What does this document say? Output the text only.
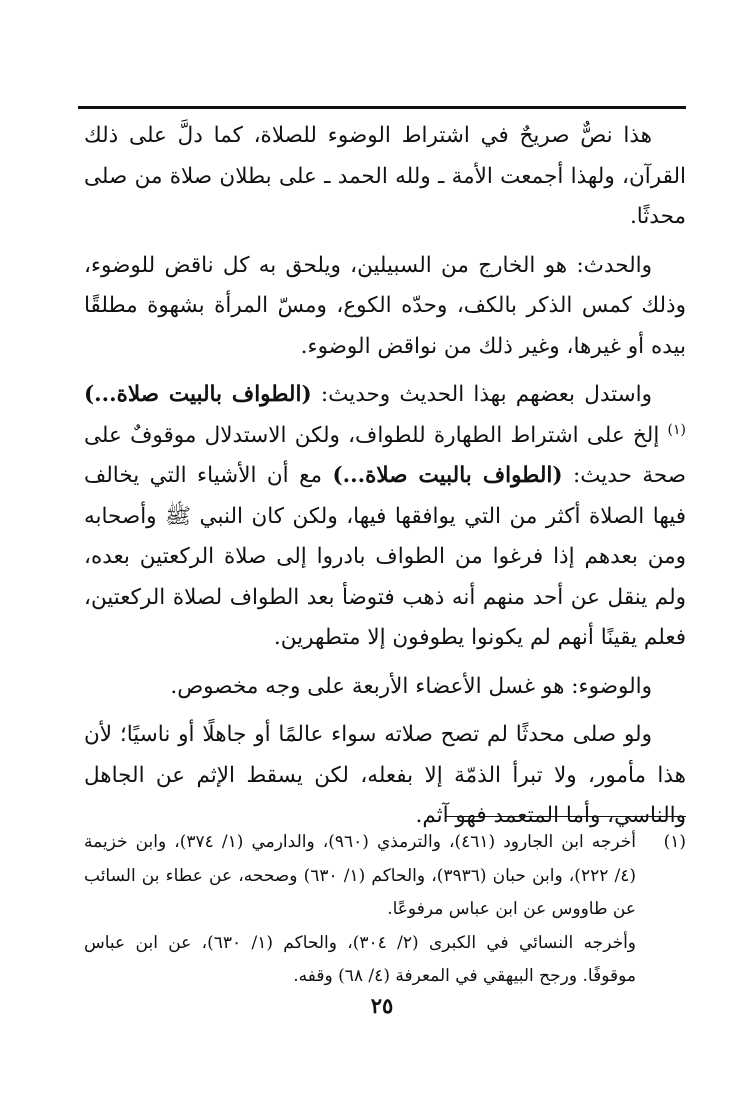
هذا نصٌّ صريحٌ في اشتراط الوضوء للصلاة، كما دلَّ على ذلك القرآن، ولهذا أجمعت الأمة ـ ولله الحمد ـ على بطلان صلاة من صلى محدثًا.

والحدث: هو الخارج من السبيلين، ويلحق به كل ناقض للوضوء، وذلك كمس الذكر بالكف، وحدّه الكوع، ومسّ المرأة بشهوة مطلقًا بيده أو غيرها، وغير ذلك من نواقض الوضوء.

واستدل بعضهم بهذا الحديث وحديث: (الطواف بالبيت صلاة...) $^{(١)}$ إلخ على اشتراط الطهارة للطواف، ولكن الاستدلال موقوفٌ على صحة حديث: (الطواف بالبيت صلاة...) مع أن الأشياء التي يخالف فيها الصلاة أكثر من التي يوافقها فيها، ولكن كان النبي ﷺ وأصحابه ومن بعدهم إذا فرغوا من الطواف بادروا إلى صلاة الركعتين بعده، ولم ينقل عن أحد منهم أنه ذهب فتوضأ بعد الطواف لصلاة الركعتين، فعلم يقينًا أنهم لم يكونوا يطوفون إلا متطهرين.

والوضوء: هو غسل الأعضاء الأربعة على وجه مخصوص.

ولو صلى محدثًا لم تصح صلاته سواء عالمًا أو جاهلًا أو ناسيًا؛ لأن هذا مأمور، ولا تبرأ الذمّة إلا بفعله، لكن يسقط الإثم عن الجاهل والناسي، وأما المتعمد فهو آثم.

(١)
أخرجه ابن الجارود (٤٦١)، والترمذي (٩٦٠)، والدارمي (١/ ٣٧٤)، وابن خزيمة (٤/ ٢٢٢)، وابن حبان (٣٩٣٦)، والحاكم (١/ ٦٣٠) وصححه، عن عطاء بن السائب عن طاووس عن ابن عباس مرفوعًا.
وأخرجه النسائي في الكبرى (٢/ ٣٠٤)، والحاكم (١/ ٦٣٠)، عن ابن عباس موقوفًا. ورجح البيهقي في المعرفة (٤/ ٦٨) وقفه.
٢٥
